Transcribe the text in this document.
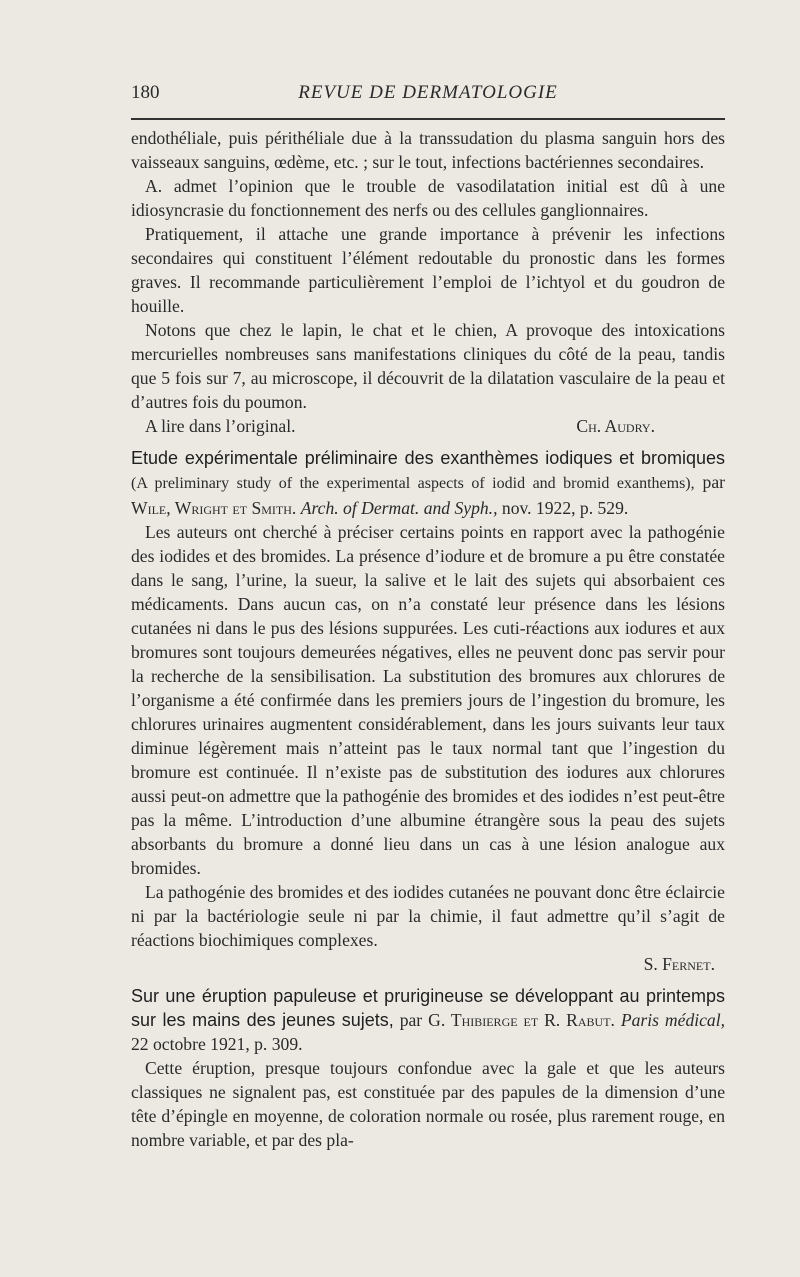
180	REVUE DE DERMATOLOGIE

endothéliale, puis périthéliale due à la transsudation du plasma sanguin hors des vaisseaux sanguins, œdème, etc. ; sur le tout, infections bactériennes secondaires.

A. admet l’opinion que le trouble de vasodilatation initial est dû à une idiosyncrasie du fonctionnement des nerfs ou des cellules ganglionnaires.

Pratiquement, il attache une grande importance à prévenir les infections secondaires qui constituent l’élément redoutable du pronostic dans les formes graves. Il recommande particulièrement l’emploi de l’ichtyol et du goudron de houille.

Notons que chez le lapin, le chat et le chien, A provoque des intoxications mercurielles nombreuses sans manifestations cliniques du côté de la peau, tandis que 5 fois sur 7, au microscope, il découvrit de la dilatation vasculaire de la peau et d’autres fois du poumon.

A lire dans l’original.	Ch. Audry.

Etude expérimentale préliminaire des exanthèmes iodiques et bromiques (A preliminary study of the experimental aspects of iodid and bromid exanthems), par Wile, Wright et Smith. Arch. of Dermat. and Syph., nov. 1922, p. 529.

Les auteurs ont cherché à préciser certains points en rapport avec la pathogénie des iodides et des bromides. La présence d’iodure et de bromure a pu être constatée dans le sang, l’urine, la sueur, la salive et le lait des sujets qui absorbaient ces médicaments. Dans aucun cas, on n’a constaté leur présence dans les lésions cutanées ni dans le pus des lésions suppurées. Les cuti-réactions aux iodures et aux bromures sont toujours demeurées négatives, elles ne peuvent donc pas servir pour la recherche de la sensibilisation. La substitution des bromures aux chlorures de l’organisme a été confirmée dans les premiers jours de l’ingestion du bromure, les chlorures urinaires augmentent considérablement, dans les jours suivants leur taux diminue légèrement mais n’atteint pas le taux normal tant que l’ingestion du bromure est continuée. Il n’existe pas de substitution des iodures aux chlorures aussi peut-on admettre que la pathogénie des bromides et des iodides n’est peut-être pas la même. L’introduction d’une albumine étrangère sous la peau des sujets absorbants du bromure a donné lieu dans un cas à une lésion analogue aux bromides.

La pathogénie des bromides et des iodides cutanées ne pouvant donc être éclaircie ni par la bactériologie seule ni par la chimie, il faut admettre qu’il s’agit de réactions biochimiques complexes.

S. Fernet.

Sur une éruption papuleuse et prurigineuse se développant au printemps sur les mains des jeunes sujets, par G. Thibierge et R. Rabut. Paris médical, 22 octobre 1921, p. 309.

Cette éruption, presque toujours confondue avec la gale et que les auteurs classiques ne signalent pas, est constituée par des papules de la dimension d’une tête d’épingle en moyenne, de coloration normale ou rosée, plus rarement rouge, en nombre variable, et par des pla-
